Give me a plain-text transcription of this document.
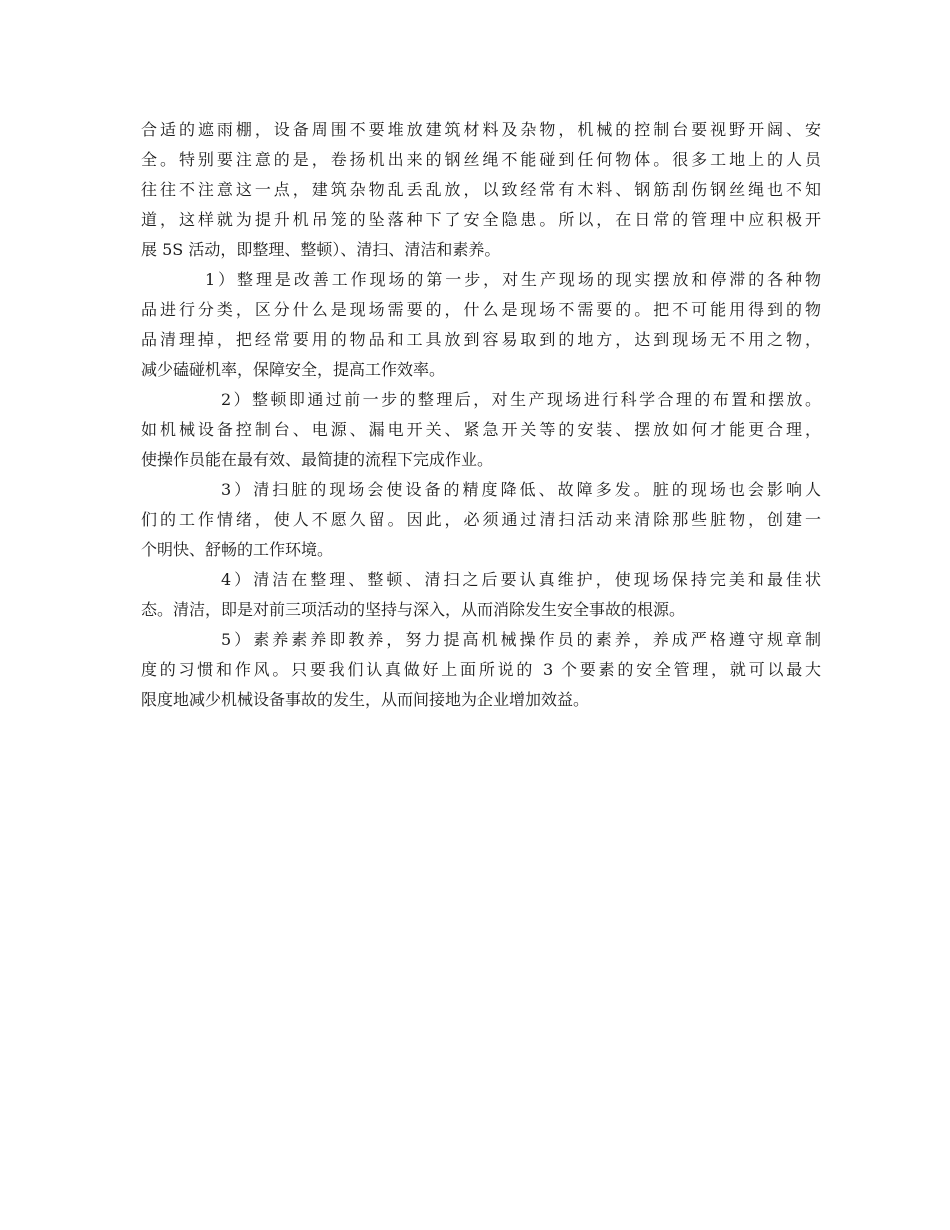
合适的遮雨棚，设备周围不要堆放建筑材料及杂物，机械的控制台要视野开阔、安
全。特别要注意的是，卷扬机出来的钢丝绳不能碰到任何物体。很多工地上的人员
往往不注意这一点，建筑杂物乱丢乱放，以致经常有木料、钢筋刮伤钢丝绳也不知
道，这样就为提升机吊笼的坠落种下了安全隐患。所以，在日常的管理中应积极开
展 5S 活动，即整理、整顿）、清扫、清洁和素养。
1）整理是改善工作现场的第一步，对生产现场的现实摆放和停滞的各种物
品进行分类，区分什么是现场需要的，什么是现场不需要的。把不可能用得到的物
品清理掉，把经常要用的物品和工具放到容易取到的地方，达到现场无不用之物，
减少磕碰机率，保障安全，提高工作效率。
2）整顿即通过前一步的整理后，对生产现场进行科学合理的布置和摆放。
如机械设备控制台、电源、漏电开关、紧急开关等的安装、摆放如何才能更合理，
使操作员能在最有效、最简捷的流程下完成作业。
3）清扫脏的现场会使设备的精度降低、故障多发。脏的现场也会影响人
们的工作情绪，使人不愿久留。因此，必须通过清扫活动来清除那些脏物，创建一
个明快、舒畅的工作环境。
4）清洁在整理、整顿、清扫之后要认真维护，使现场保持完美和最佳状
态。清洁，即是对前三项活动的坚持与深入，从而消除发生安全事故的根源。
5）素养素养即教养，努力提高机械操作员的素养，养成严格遵守规章制
度的习惯和作风。只要我们认真做好上面所说的 3 个要素的安全管理，就可以最大
限度地减少机械设备事故的发生，从而间接地为企业增加效益。
